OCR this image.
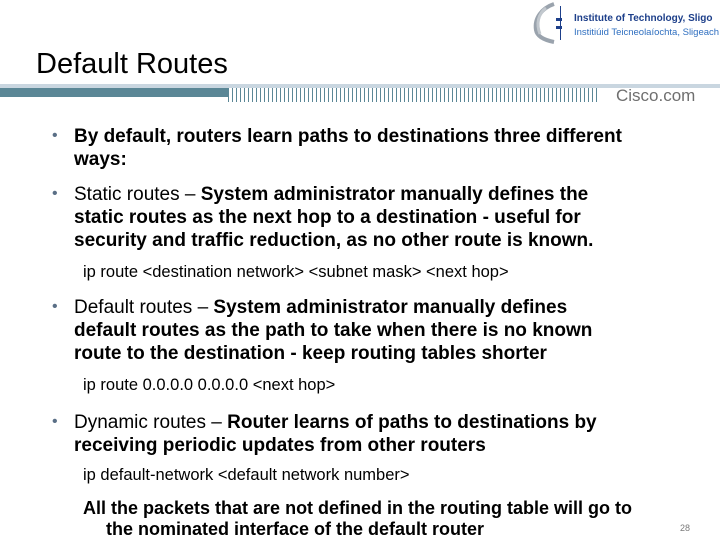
Institute of Technology, Sligo
Institiúid Teicneolaíochta, Sligeach
Default Routes
Cisco.com
• By default, routers learn paths to destinations three different
ways:
• Static routes – System administrator manually defines the
static routes as the next hop to a destination - useful for
security and traffic reduction, as no other route is known.
ip route <destination network> <subnet mask> <next hop>
• Default routes – System administrator manually defines
default routes as the path to take when there is no known
route to the destination - keep routing tables shorter
ip route 0.0.0.0 0.0.0.0 <next hop>
• Dynamic routes – Router learns of paths to destinations by
receiving periodic updates from other routers
ip default-network <default network number>
All the packets that are not defined in the routing table will go to
the nominated interface of the default router	28
